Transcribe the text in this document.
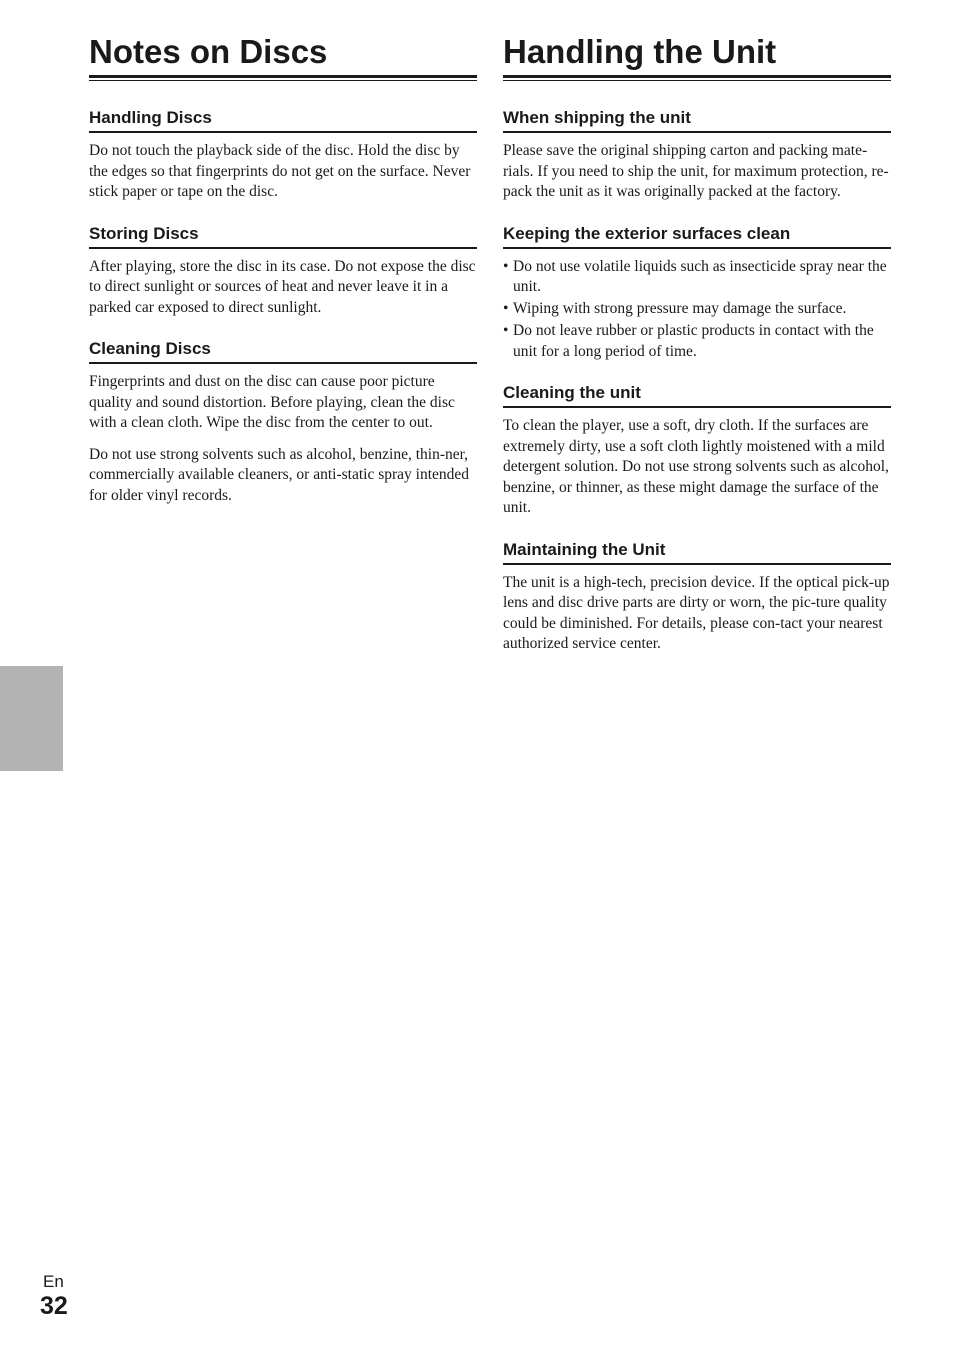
Notes on Discs
Handling Discs

Do not touch the playback side of the disc. Hold the disc by the edges so that fingerprints do not get on the surface. Never stick paper or tape on the disc.

Storing Discs

After playing, store the disc in its case. Do not expose the disc to direct sunlight or sources of heat and never leave it in a parked car exposed to direct sunlight.

Cleaning Discs

Fingerprints and dust on the disc can cause poor picture quality and sound distortion. Before playing, clean the disc with a clean cloth. Wipe the disc from the center to out.

Do not use strong solvents such as alcohol, benzine, thin-ner, commercially available cleaners, or anti-static spray intended for older vinyl records.

Handling the Unit
When shipping the unit

Please save the original shipping carton and packing mate-rials. If you need to ship the unit, for maximum protection, re-pack the unit as it was originally packed at the factory.

Keeping the exterior surfaces clean
• Do not use volatile liquids such as insecticide spray near the unit.
• Wiping with strong pressure may damage the surface.
• Do not leave rubber or plastic products in contact with the unit for a long period of time.
Cleaning the unit

To clean the player, use a soft, dry cloth. If the surfaces are extremely dirty, use a soft cloth lightly moistened with a mild detergent solution. Do not use strong solvents such as alcohol, benzine, or thinner, as these might damage the surface of the unit.

Maintaining the Unit

The unit is a high-tech, precision device. If the optical pick-up lens and disc drive parts are dirty or worn, the pic-ture quality could be diminished. For details, please con-tact your nearest authorized service center.

En
32
